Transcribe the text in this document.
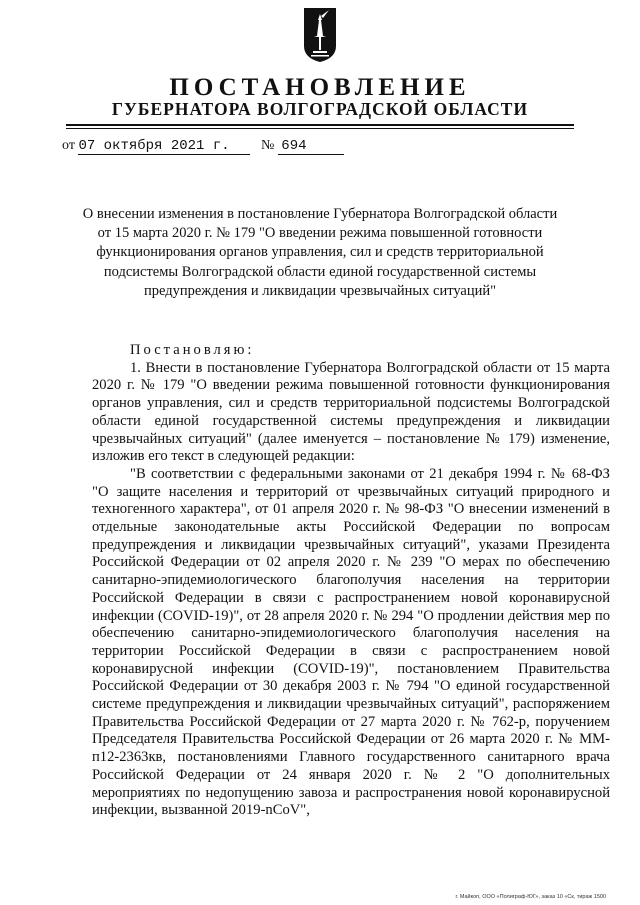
ПОСТАНОВЛЕНИЕ
ГУБЕРНАТОРА ВОЛГОГРАДСКОЙ ОБЛАСТИ
от 07 октября 2021 г. № 694
О внесении изменения в постановление Губернатора Волгоградской области
от 15 марта 2020 г. № 179 "О введении режима повышенной готовности
функционирования органов управления, сил и средств территориальной
подсистемы Волгоградской области единой государственной системы
предупреждения и ликвидации чрезвычайных ситуаций"

Постановляю:

1. Внести в постановление Губернатора Волгоградской области от 15 марта 2020 г. № 179 "О введении режима повышенной готовности функционирования органов управления, сил и средств территориальной подсистемы Волгоградской области единой государственной системы предупреждения и ликвидации чрезвычайных ситуаций" (далее именуется – постановление № 179) изменение, изложив его текст в следующей редакции:

"В соответствии с федеральными законами от 21 декабря 1994 г. № 68-ФЗ "О защите населения и территорий от чрезвычайных ситуаций природного и техногенного характера", от 01 апреля 2020 г. № 98-ФЗ "О внесении изменений в отдельные законодательные акты Российской Федерации по вопросам предупреждения и ликвидации чрезвычайных ситуаций", указами Президента Российской Федерации от 02 апреля 2020 г. № 239 "О мерах по обеспечению санитарно-эпидемиологического благополучия населения на территории Российской Федерации в связи с распространением новой коронавирусной инфекции (COVID-19)", от 28 апреля 2020 г. № 294 "О продлении действия мер по обеспечению санитарно-эпидемиологического благополучия населения на территории Российской Федерации в связи с распространением новой коронавирусной инфекции (COVID-19)", постановлением Правительства Российской Федерации от 30 декабря 2003 г. № 794 "О единой государственной системе предупреждения и ликвидации чрезвычайных ситуаций", распоряжением Правительства Российской Федерации от 27 марта 2020 г. № 762-р, поручением Председателя Правительства Российской Федерации от 26 марта 2020 г. № ММ-п12-2363кв, постановлениями Главного государственного санитарного врача Российской Федерации от 24 января 2020 г. № 2 "О дополнительных мероприятиях по недопущению завоза и распространения новой коронавирусной инфекции, вызванной 2019-nCoV",

г. Майкоп, ООО «Полиграф-ЮГ», заказ 10 «Ск, тираж 1500
